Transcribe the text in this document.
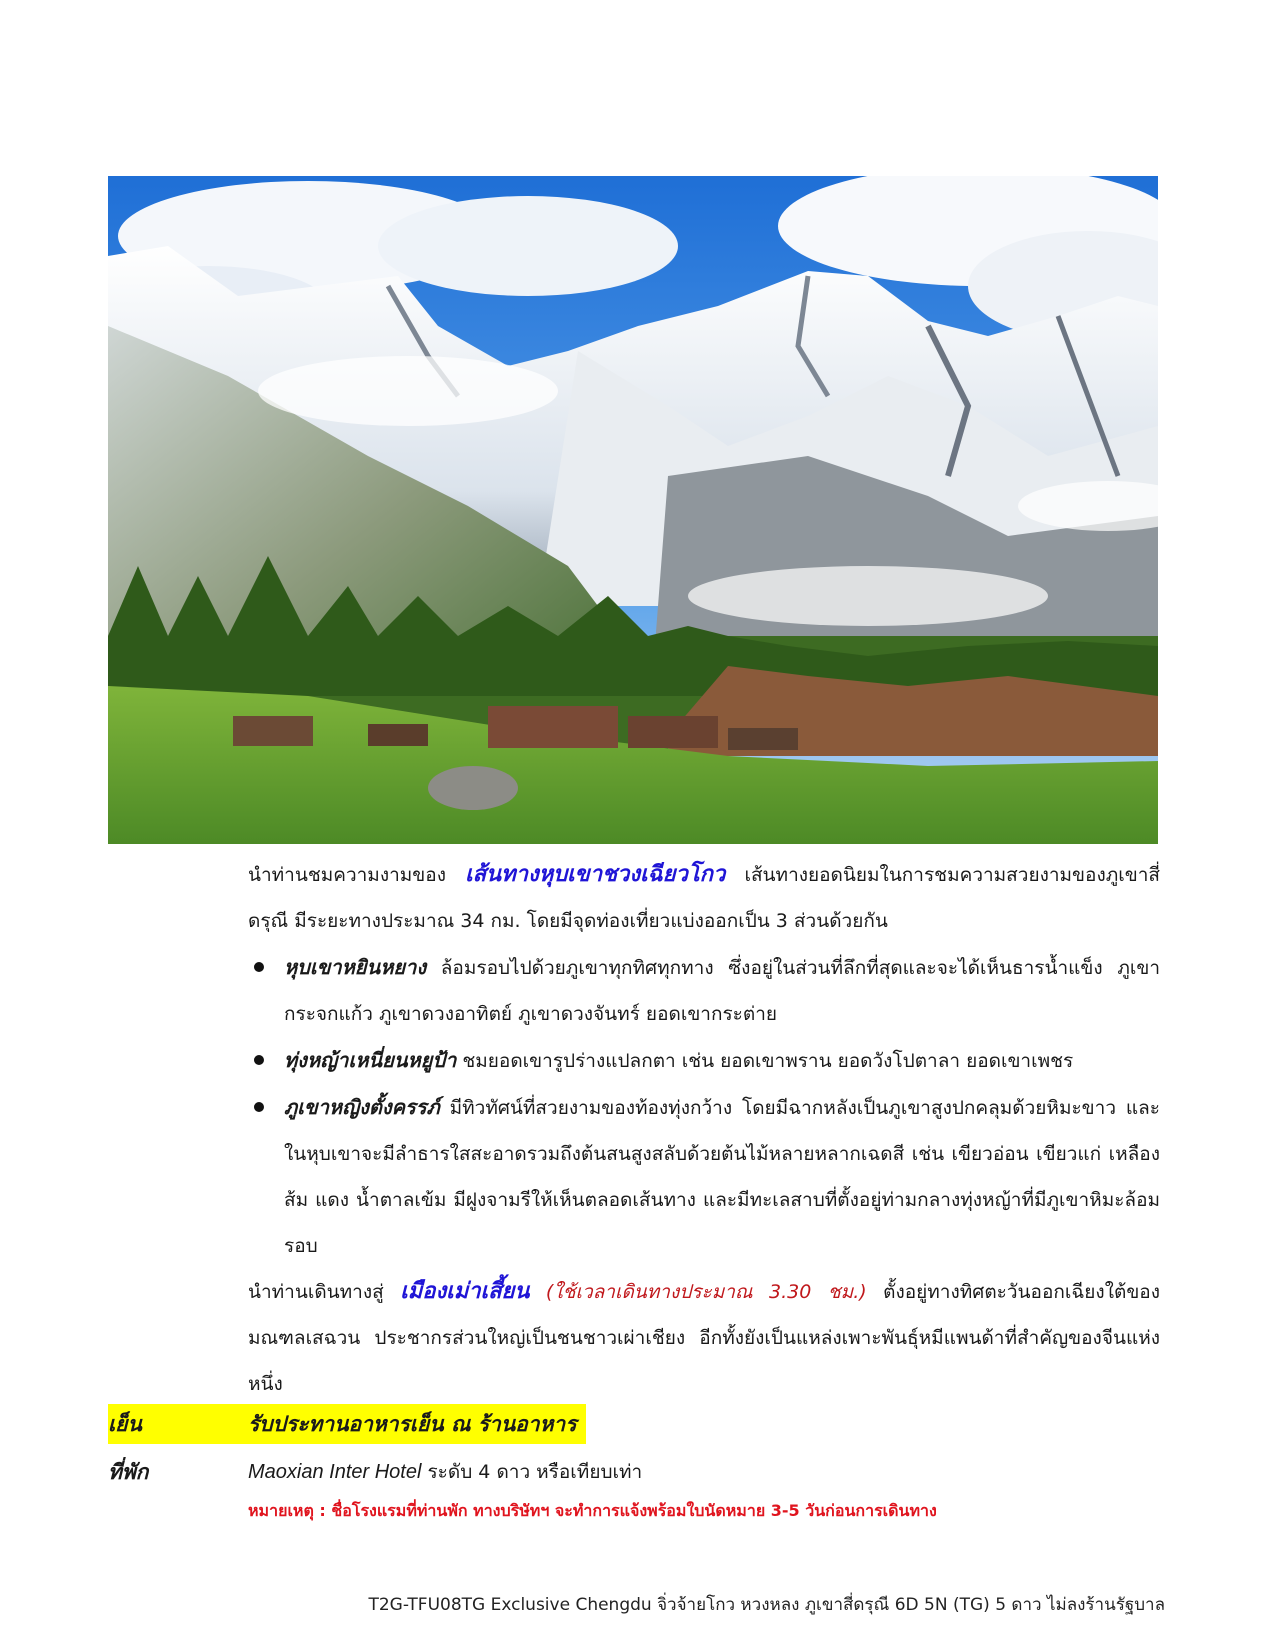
นำท่านชมความงามของ เส้นทางหุบเขาชวงเฉียวโกว เส้นทางยอดนิยมในการชมความสวยงามของภูเขาสี่ดรุณี มีระยะทางประมาณ 34 กม. โดยมีจุดท่องเที่ยวแบ่งออกเป็น 3 ส่วนด้วยกัน

หุบเขาหยินหยาง ล้อมรอบไปด้วยภูเขาทุกทิศทุกทาง ซึ่งอยู่ในส่วนที่ลึกที่สุดและจะได้เห็นธารน้ำแข็ง ภูเขากระจกแก้ว ภูเขาดวงอาทิตย์ ภูเขาดวงจันทร์ ยอดเขากระต่าย
ทุ่งหญ้าเหนี่ยนหยูป้า ชมยอดเขารูปร่างแปลกตา เช่น ยอดเขาพราน ยอดวังโปตาลา ยอดเขาเพชร
ภูเขาหญิงตั้งครรภ์ มีทิวทัศน์ที่สวยงามของท้องทุ่งกว้าง โดยมีฉากหลังเป็นภูเขาสูงปกคลุมด้วยหิมะขาว และในหุบเขาจะมีลำธารใสสะอาดรวมถึงต้นสนสูงสลับด้วยต้นไม้หลายหลากเฉดสี เช่น เขียวอ่อน เขียวแก่ เหลืองส้ม แดง น้ำตาลเข้ม มีฝูงจามรีให้เห็นตลอดเส้นทาง และมีทะเลสาบที่ตั้งอยู่ท่ามกลางทุ่งหญ้าที่มีภูเขาหิมะล้อมรอบ

นำท่านเดินทางสู่ เมืองเม่าเสี้ยน (ใช้เวลาเดินทางประมาณ 3.30 ชม.) ตั้งอยู่ทางทิศตะวันออกเฉียงใต้ของมณฑลเสฉวน ประชากรส่วนใหญ่เป็นชนชาวเผ่าเชียง อีกทั้งยังเป็นแหล่งเพาะพันธุ์หมีแพนด้าที่สำคัญของจีนแห่งหนึ่ง

เย็น	รับประทานอาหารเย็น ณ ร้านอาหาร
ที่พัก	Maoxian Inter Hotel ระดับ 4 ดาว หรือเทียบเท่า
หมายเหตุ : ชื่อโรงแรมที่ท่านพัก ทางบริษัทฯ จะทำการแจ้งพร้อมใบนัดหมาย 3-5 วันก่อนการเดินทาง
T2G-TFU08TG Exclusive Chengdu จิ่วจ้ายโกว หวงหลง ภูเขาสี่ดรุณี 6D 5N (TG) 5 ดาว ไม่ลงร้านรัฐบาล
